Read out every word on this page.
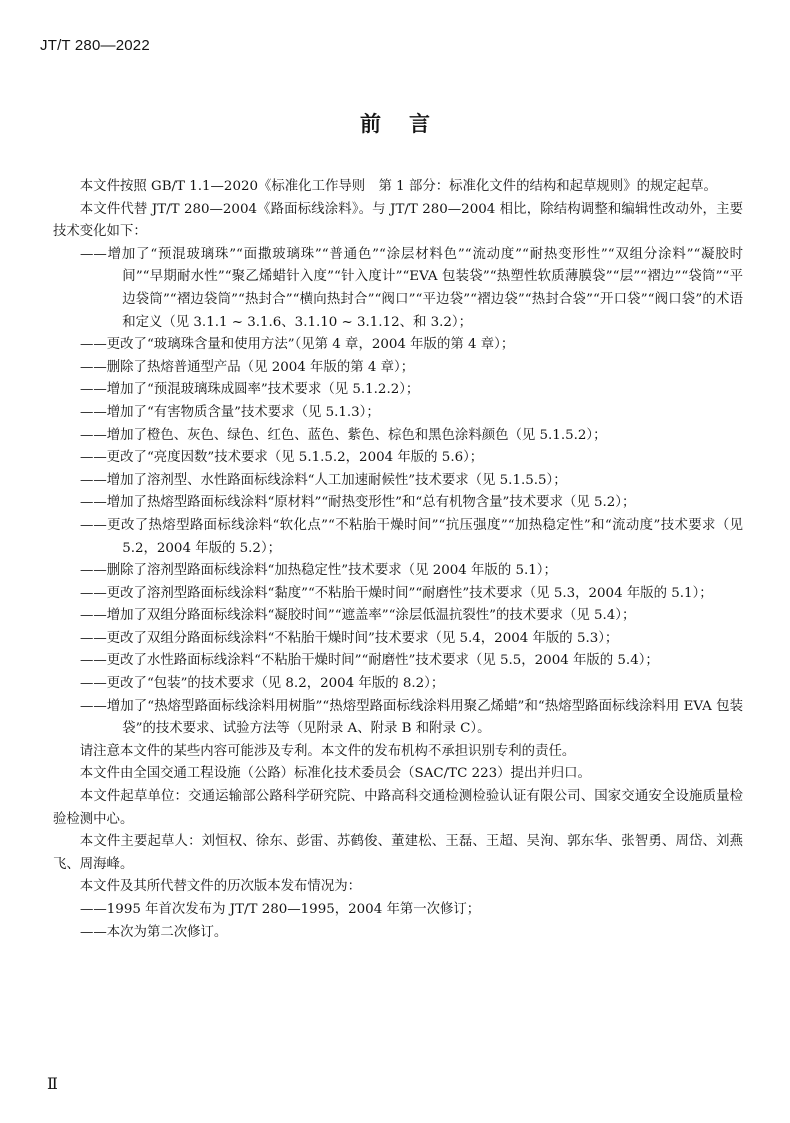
JT/T 280—2022
前言

本文件按照 GB/T 1.1—2020《标准化工作导则　第 1 部分：标准化文件的结构和起草规则》的规定起草。

本文件代替 JT/T 280—2004《路面标线涂料》。与 JT/T 280—2004 相比，除结构调整和编辑性改动外，主要技术变化如下：

——增加了“预混玻璃珠”“面撒玻璃珠”“普通色”“涂层材料色”“流动度”“耐热变形性”“双组分涂料”“凝胶时间”“早期耐水性”“聚乙烯蜡针入度”“针入度计”“EVA 包装袋”“热塑性软质薄膜袋”“层”“褶边”“袋筒”“平边袋筒”“褶边袋筒”“热封合”“横向热封合”“阀口”“平边袋”“褶边袋”“热封合袋”“开口袋”“阀口袋”的术语和定义（见 3.1.1 ~ 3.1.6、3.1.10 ~ 3.1.12、和 3.2）；

——更改了“玻璃珠含量和使用方法”（见第 4 章，2004 年版的第 4 章）；

——删除了热熔普通型产品（见 2004 年版的第 4 章）；

——增加了“预混玻璃珠成圆率”技术要求（见 5.1.2.2）；

——增加了“有害物质含量”技术要求（见 5.1.3）；

——增加了橙色、灰色、绿色、红色、蓝色、紫色、棕色和黑色涂料颜色（见 5.1.5.2）；

——更改了“亮度因数”技术要求（见 5.1.5.2，2004 年版的 5.6）；

——增加了溶剂型、水性路面标线涂料“人工加速耐候性”技术要求（见 5.1.5.5）；

——增加了热熔型路面标线涂料“原材料”“耐热变形性”和“总有机物含量”技术要求（见 5.2）；

——更改了热熔型路面标线涂料“软化点”“不粘胎干燥时间”“抗压强度”“加热稳定性”和“流动度”技术要求（见 5.2，2004 年版的 5.2）；

——删除了溶剂型路面标线涂料“加热稳定性”技术要求（见 2004 年版的 5.1）；

——更改了溶剂型路面标线涂料“黏度”“不粘胎干燥时间”“耐磨性”技术要求（见 5.3，2004 年版的 5.1）；

——增加了双组分路面标线涂料“凝胶时间”“遮盖率”“涂层低温抗裂性”的技术要求（见 5.4）；

——更改了双组分路面标线涂料“不粘胎干燥时间”技术要求（见 5.4，2004 年版的 5.3）；

——更改了水性路面标线涂料“不粘胎干燥时间”“耐磨性”技术要求（见 5.5，2004 年版的 5.4）；

——更改了“包装”的技术要求（见 8.2，2004 年版的 8.2）；

——增加了“热熔型路面标线涂料用树脂”“热熔型路面标线涂料用聚乙烯蜡”和“热熔型路面标线涂料用 EVA 包装袋”的技术要求、试验方法等（见附录 A、附录 B 和附录 C）。

请注意本文件的某些内容可能涉及专利。本文件的发布机构不承担识别专利的责任。

本文件由全国交通工程设施（公路）标准化技术委员会（SAC/TC 223）提出并归口。

本文件起草单位：交通运输部公路科学研究院、中路高科交通检测检验认证有限公司、国家交通安全设施质量检验检测中心。

本文件主要起草人：刘恒权、徐东、彭雷、苏鹤俊、董建松、王磊、王超、吴洵、郭东华、张智勇、周岱、刘燕飞、周海峰。

本文件及其所代替文件的历次版本发布情况为：

——1995 年首次发布为 JT/T 280—1995，2004 年第一次修订；

——本次为第二次修订。

Ⅱ
